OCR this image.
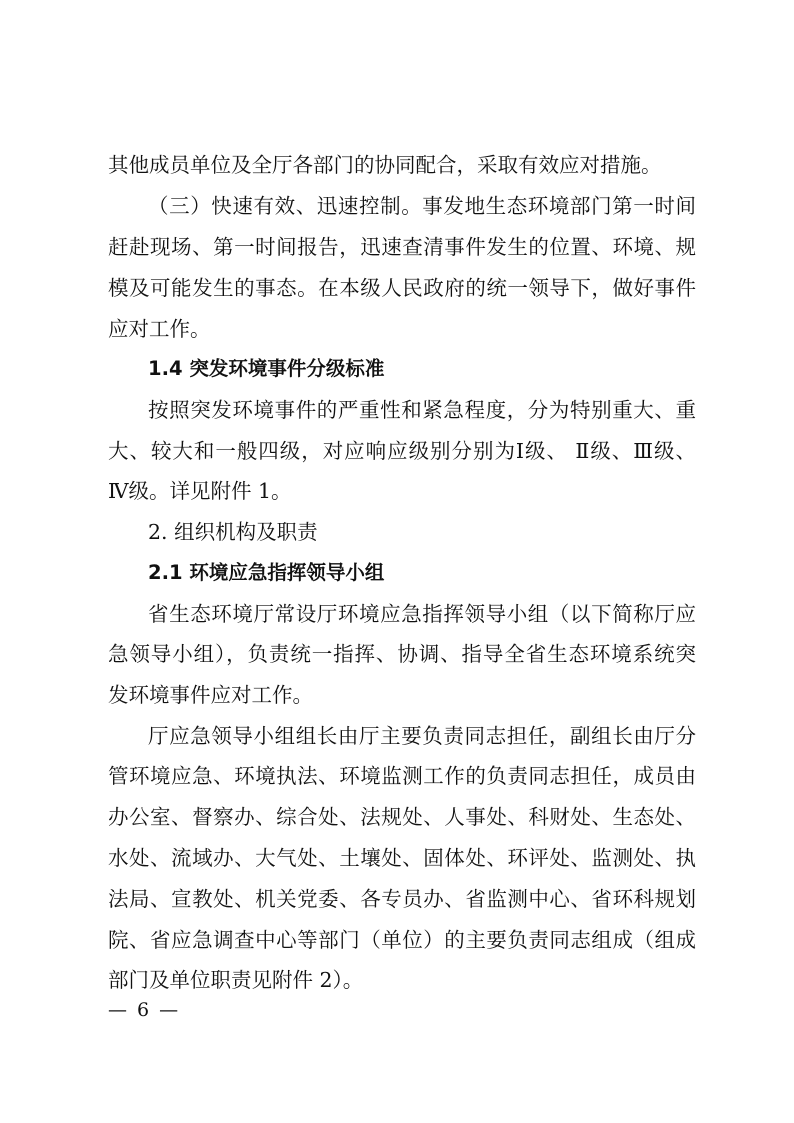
其他成员单位及全厅各部门的协同配合，采取有效应对措施。
（三）快速有效、迅速控制。事发地生态环境部门第一时间
赶赴现场、第一时间报告，迅速查清事件发生的位置、环境、规
模及可能发生的事态。在本级人民政府的统一领导下，做好事件
应对工作。
1.4 突发环境事件分级标准
按照突发环境事件的严重性和紧急程度，分为特别重大、重
大、较大和一般四级，对应响应级别分别为Ⅰ级、 Ⅱ级、Ⅲ级、
Ⅳ级。详见附件 1。
2. 组织机构及职责
2.1 环境应急指挥领导小组
省生态环境厅常设厅环境应急指挥领导小组（以下简称厅应
急领导小组），负责统一指挥、协调、指导全省生态环境系统突
发环境事件应对工作。
厅应急领导小组组长由厅主要负责同志担任，副组长由厅分
管环境应急、环境执法、环境监测工作的负责同志担任，成员由
办公室、督察办、综合处、法规处、人事处、科财处、生态处、
水处、流域办、大气处、土壤处、固体处、环评处、监测处、执
法局、宣教处、机关党委、各专员办、省监测中心、省环科规划
院、省应急调查中心等部门（单位）的主要负责同志组成（组成
部门及单位职责见附件 2）。
— 6 —
